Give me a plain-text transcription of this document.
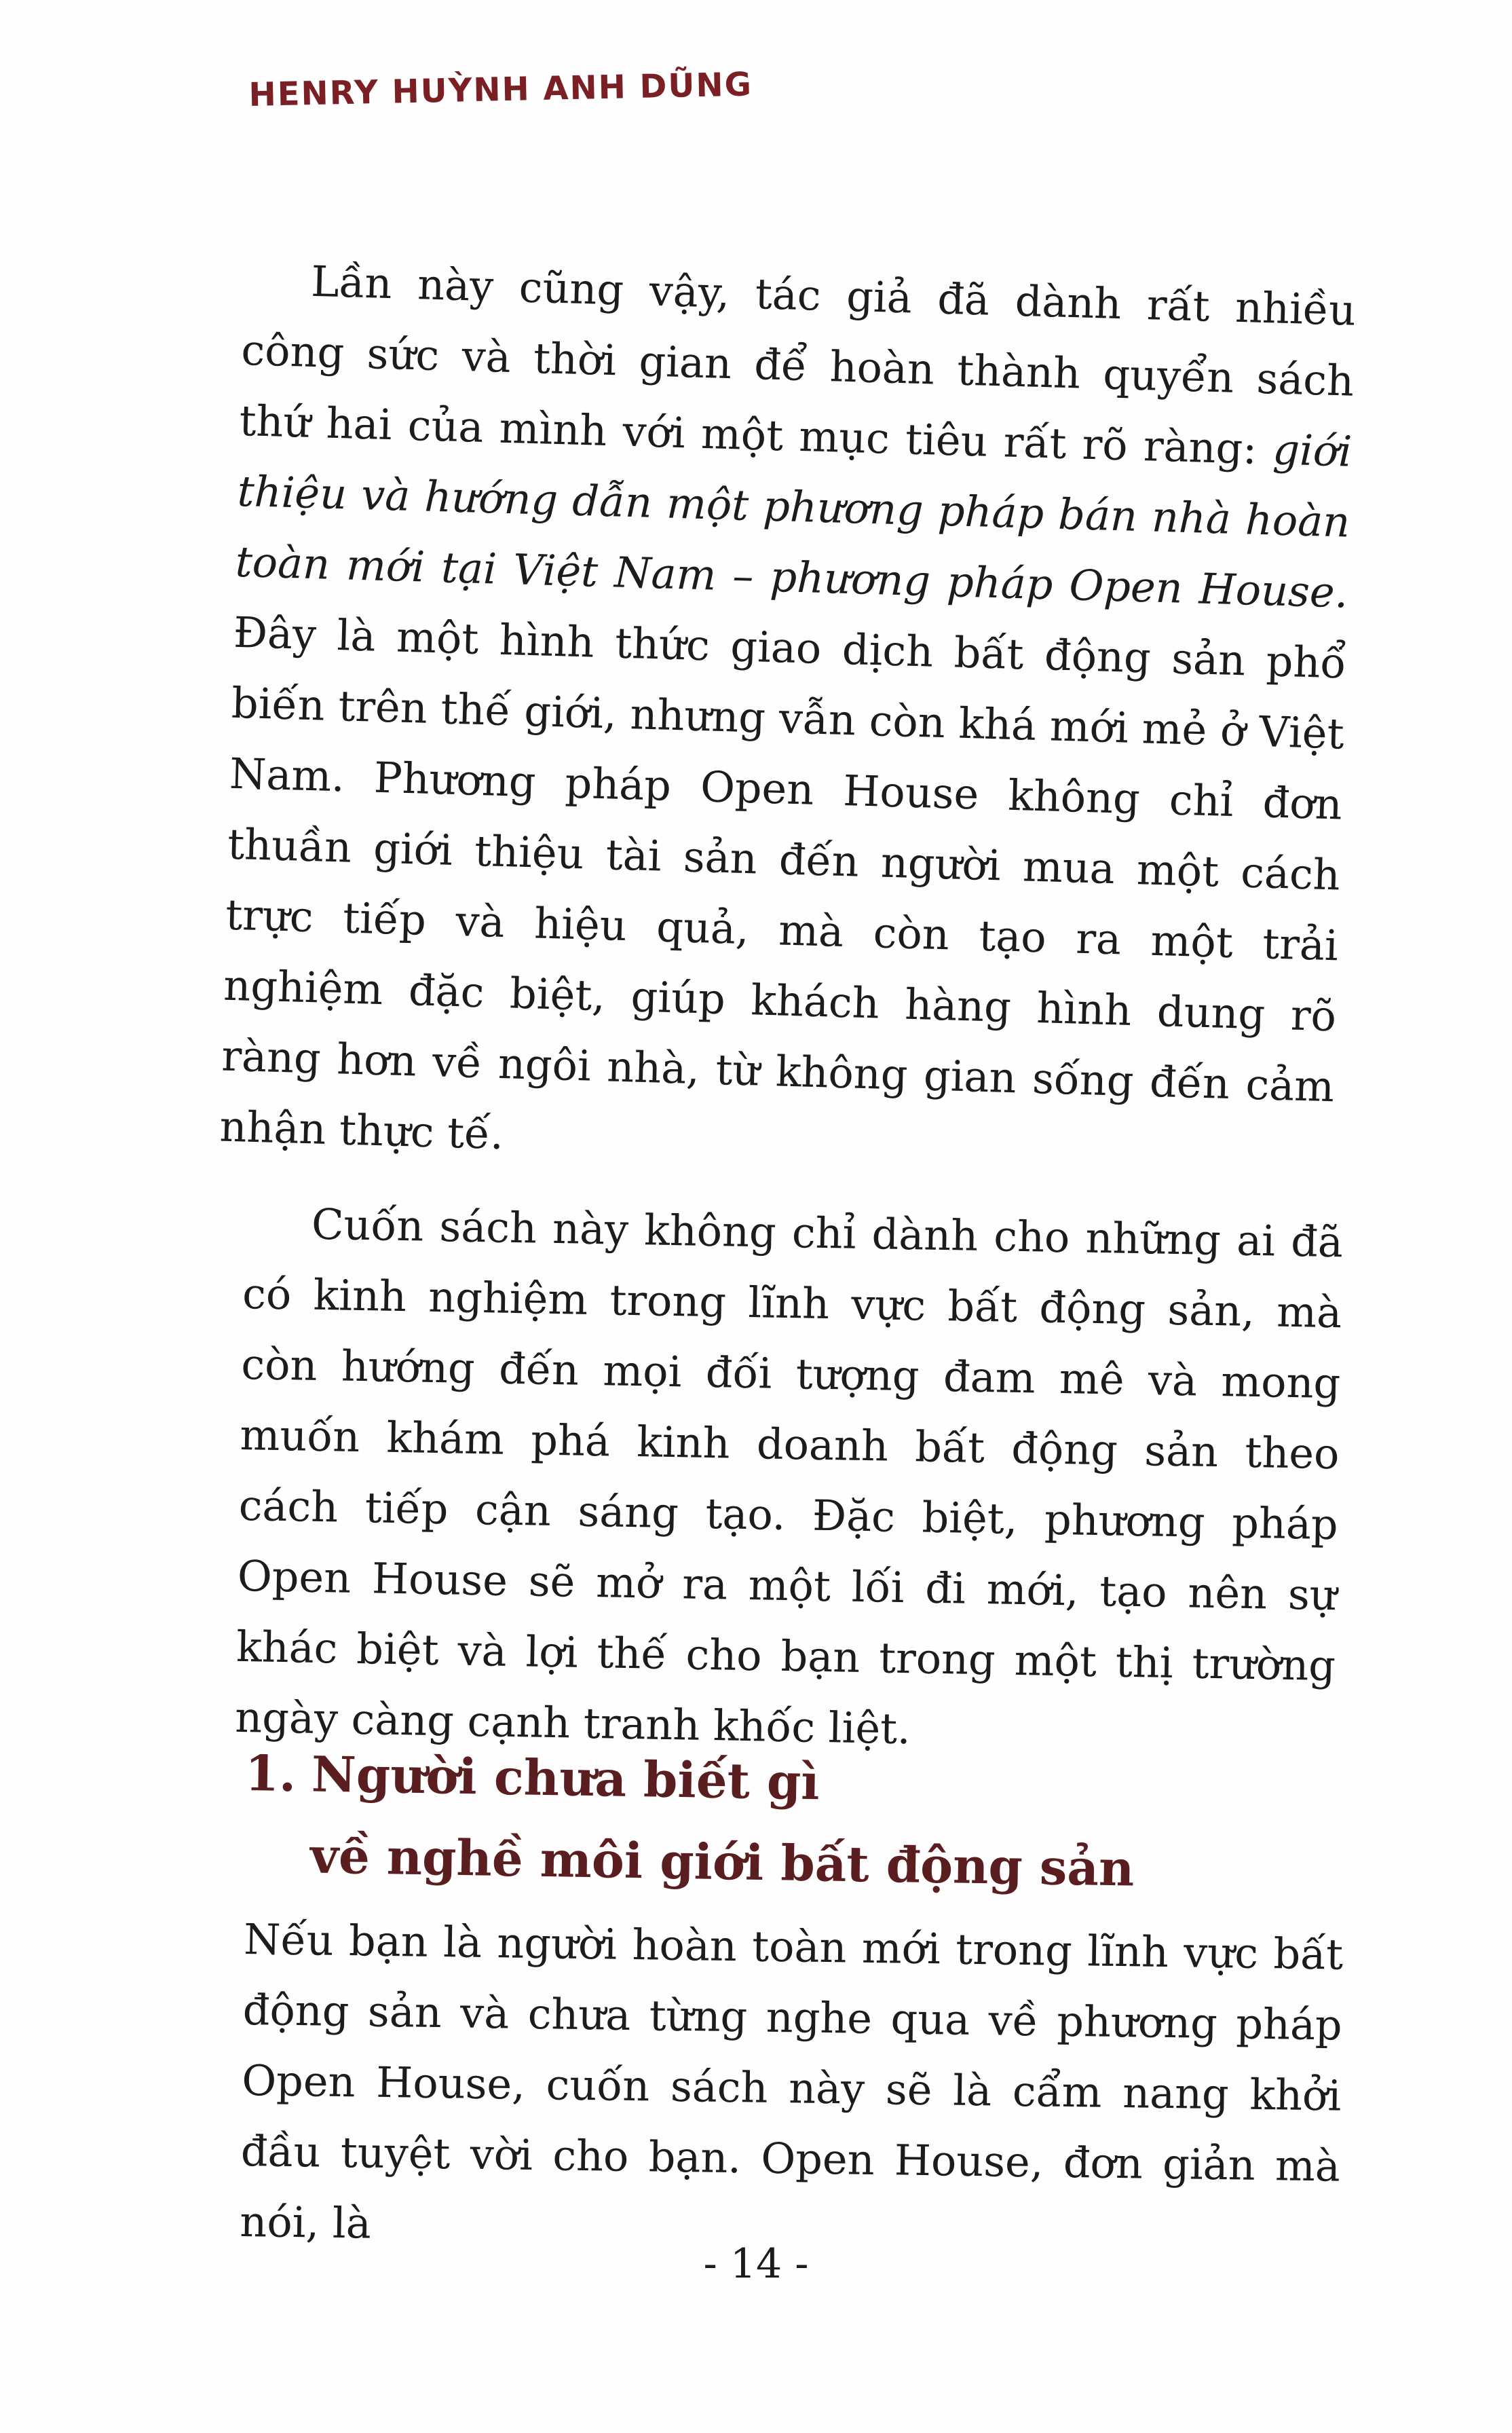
HENRY HUỲNH ANH DŨNG

Lần này cũng vậy, tác giả đã dành rất nhiều công sức và thời gian để hoàn thành quyển sách thứ hai của mình với một mục tiêu rất rõ ràng: giới thiệu và hướng dẫn một phương pháp bán nhà hoàn toàn mới tại Việt Nam – phương pháp Open House. Đây là một hình thức giao dịch bất động sản phổ biến trên thế giới, nhưng vẫn còn khá mới mẻ ở Việt Nam. Phương pháp Open House không chỉ đơn thuần giới thiệu tài sản đến người mua một cách trực tiếp và hiệu quả, mà còn tạo ra một trải nghiệm đặc biệt, giúp khách hàng hình dung rõ ràng hơn về ngôi nhà, từ không gian sống đến cảm nhận thực tế.

Cuốn sách này không chỉ dành cho những ai đã có kinh nghiệm trong lĩnh vực bất động sản, mà còn hướng đến mọi đối tượng đam mê và mong muốn khám phá kinh doanh bất động sản theo cách tiếp cận sáng tạo. Đặc biệt, phương pháp Open House sẽ mở ra một lối đi mới, tạo nên sự khác biệt và lợi thế cho bạn trong một thị trường ngày càng cạnh tranh khốc liệt.

1. Người chưa biết gì
về nghề môi giới bất động sản

Nếu bạn là người hoàn toàn mới trong lĩnh vực bất động sản và chưa từng nghe qua về phương pháp Open House, cuốn sách này sẽ là cẩm nang khởi đầu tuyệt vời cho bạn. Open House, đơn giản mà nói, là

- 14 -
